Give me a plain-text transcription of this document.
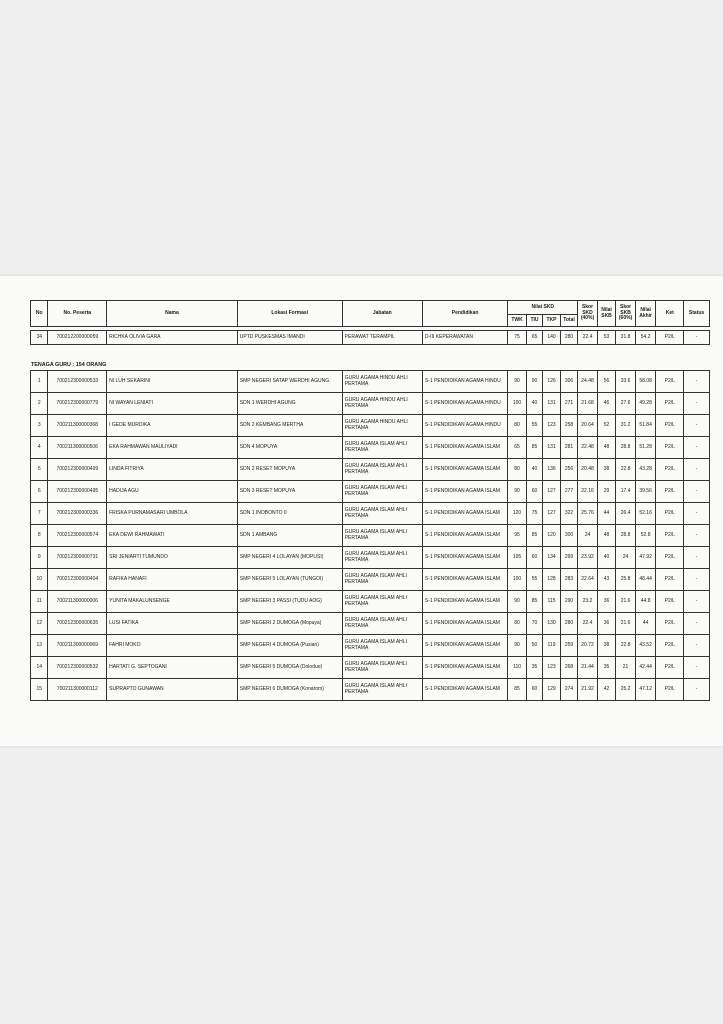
No	No. Peserta	Nama	Lokasi Formasi	Jabatan	Pendidikan	Nilai SKD				Skor SKD (40%)	Nilai SKB	Skor SKB (60%)	Nilai Akhir	Ket	Status
						TWK	TIU	TKP	Total						

34	700212200000059	RICHKA OLIVIA GARA	UPTD PUSKESMAS IMANDI	PERAWAT TERAMPIL	D-III KEPERAWATAN	75	65	140	280	22.4	53	31.8	54.2	P2/L	-
TENAGA GURU : 154 ORANG
1	700212300000533	NI LUH SEKARINI	SMP NEGERI SATAP WERDHI AGUNG	GURU AGAMA HINDU AHLI PERTAMA	S-1 PENDIDIKAN AGAMA HINDU	90	90	126	306	24.48	56	33.6	58.08	P2/L	-
2	700212300000779	NI WAYAN LENIATI	SDN 1 WERDHI AGUNG	GURU AGAMA HINDU AHLI PERTAMA	S-1 PENDIDIKAN AGAMA HINDU	100	40	131	271	21.68	46	27.6	49.28	P2/L	-
3	700211300000368	I GEDE MURDIKA	SDN 2 KEMBANG MERTHA	GURU AGAMA HINDU AHLI PERTAMA	S-1 PENDIDIKAN AGAMA HINDU	80	55	123	258	20.64	52	31.2	51.84	P2/L	-
4	700211300000506	EKA RAHMAWAN MAULIYADI	SDN 4 MOPUYA	GURU AGAMA ISLAM AHLI PERTAMA	S-1 PENDIDIKAN AGAMA ISLAM	65	85	131	281	22.48	48	28.8	51.28	P2/L	-
5	700212300000499	LINDA FITRIYA	SDN 2 RESET MOPUYA	GURU AGAMA ISLAM AHLI PERTAMA	S-1 PENDIDIKAN AGAMA ISLAM	80	40	136	256	20.48	38	22.8	43.28	P2/L	-
6	700212300000495	HADIJA AGU	SDN 3 RESET MOPUYA	GURU AGAMA ISLAM AHLI PERTAMA	S-1 PENDIDIKAN AGAMA ISLAM	90	60	127	277	22.16	29	17.4	39.56	P2/L	-
7	700212300000336	FRISKA PURNAMASARI UMBOLA	SDN 1 INOBONTO II	GURU AGAMA ISLAM AHLI PERTAMA	S-1 PENDIDIKAN AGAMA ISLAM	120	75	127	322	25.76	44	26.4	52.16	P2/L	-
8	700212300000574	EKA DEWI RAHMAWATI	SDN 1 AMBANG	GURU AGAMA ISLAM AHLI PERTAMA	S-1 PENDIDIKAN AGAMA ISLAM	95	85	120	300	24	48	28.8	52.8	P2/L	-
9	700212300000731	SRI JENIARTI TUMUNDO	SMP NEGERI 4 LOLAYAN (MOPUSI)	GURU AGAMA ISLAM AHLI PERTAMA	S-1 PENDIDIKAN AGAMA ISLAM	105	60	134	299	23.92	40	24	47.92	P2/L	-
10	700212300000404	RAFIKA HANAFI	SMP NEGERI 5 LOLAYAN (TUNGOI)	GURU AGAMA ISLAM AHLI PERTAMA	S-1 PENDIDIKAN AGAMA ISLAM	100	55	128	283	22.64	43	25.8	48.44	P2/L	-
11	700211300000006	YUNITA MAKALUNSENGE	SMP NEGERI 3 PASSI (TUDU AOG)	GURU AGAMA ISLAM AHLI PERTAMA	S-1 PENDIDIKAN AGAMA ISLAM	90	85	115	290	23.2	36	21.6	44.8	P2/L	-
12	700212300000635	LUSI FATIKA	SMP NEGERI 2 DUMOGA (Mopuya)	GURU AGAMA ISLAM AHLI PERTAMA	S-1 PENDIDIKAN AGAMA ISLAM	80	70	130	280	22.4	36	21.6	44	P2/L	-
13	700211300000069	FAHRI MOKO	SMP NEGERI 4 DUMOGA (Pusian)	GURU AGAMA ISLAM AHLI PERTAMA	S-1 PENDIDIKAN AGAMA ISLAM	90	50	119	259	20.72	38	22.8	43.52	P2/L	-
14	700212300000532	HARTATI G. SEPTOGANI	SMP NEGERI 5 DUMOGA (Doloduo)	GURU AGAMA ISLAM AHLI PERTAMA	S-1 PENDIDIKAN AGAMA ISLAM	110	35	123	268	21.44	35	21	42.44	P2/L	-
15	700211300000112	SUPRAPTO GUNAWAN	SMP NEGERI 6 DUMOGA (Konarom)	GURU AGAMA ISLAM AHLI PERTAMA	S-1 PENDIDIKAN AGAMA ISLAM	85	60	129	274	21.92	42	25.2	47.12	P2/L	-
